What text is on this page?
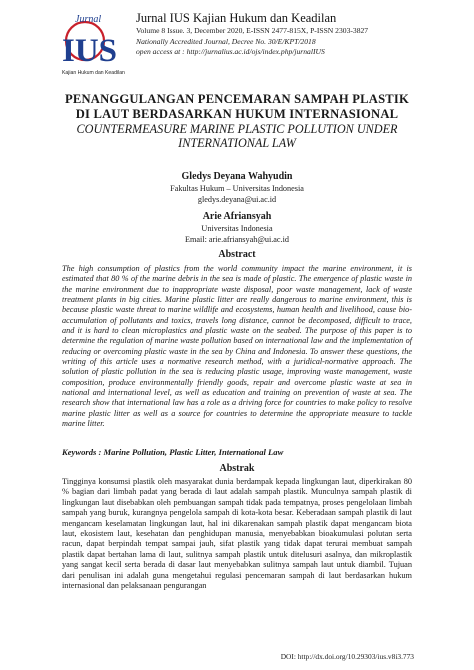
Jurnal
IUS
Kajian Hukum dan Keadilan
Jurnal IUS Kajian Hukum dan Keadilan
Volume 8 Issue. 3, December 2020, E-ISSN 2477-815X, P-ISSN 2303-3827
Nationally Accredited Journal, Decree No. 30/E/KPT/2018
open access at : http://jurnalius.ac.id/ojs/index.php/jurnalIUS
PENANGGULANGAN PENCEMARAN SAMPAH PLASTIK DI LAUT BERDASARKAN HUKUM INTERNASIONAL
COUNTERMEASURE MARINE PLASTIC POLLUTION UNDER INTERNATIONAL LAW
Gledys Deyana Wahyudin
Fakultas Hukum – Universitas Indonesia
gledys.deyana@ui.ac.id
Arie Afriansyah
Universitas Indonesia
Email: arie.afriansyah@ui.ac.id
Abstract

The high consumption of plastics from the world community impact the marine environment, it is estimated that 80 % of the marine debris in the sea is made of plastic. The emergence of plastic waste in the marine environment due to inappropriate waste disposal, poor waste management, lack of waste treatment plants in big cities. Marine plastic litter are really dangerous to marine environment, this is because plastic waste threat to marine wildlife and ecosystems, human health and livelihood, cause bio-accumulation of pollutants and toxics, travels long distance, cannot be decomposed, difficult to trace, and it is hard to clean microplastics and plastic waste on the seabed. The purpose of this paper is to determine the regulation of marine waste pollution based on international law and the implementation of reducing or overcoming plastic waste in the sea by China and Indonesia. To answer these questions, the writing of this article uses a normative research method, with a juridical-normative approach. The solution of plastic pollution in the sea is reducing plastic usage, improving waste management, waste composition, produce environmentally friendly goods, repair and overcome plastic waste at sea in national and international level, as well as education and training on prevention of waste at sea. The research show that international law has a role as a driving force for countries to make policy to resolve marine plastic litter as well as a source for countries to determine the appropriate measure to tackle marine litter.

Keywords : Marine Pollution, Plastic Litter, International Law
Abstrak

Tingginya konsumsi plastik oleh masyarakat dunia berdampak kepada lingkungan laut, diperkirakan 80 % bagian dari limbah padat yang berada di laut adalah sampah plastik. Munculnya sampah plastik di lingkungan laut disebabkan oleh pembuangan sampah tidak pada tempatnya, proses pengelolaan limbah sampah yang buruk, kurangnya pengelola sampah di kota-kota besar. Keberadaan sampah plastik di laut mengancam keselamatan lingkungan laut, hal ini dikarenakan sampah plastik dapat mengancam biota laut, ekosistem laut, kesehatan dan penghidupan manusia, menyebabkan bioakumulasi polutan serta racun, dapat berpindah tempat sampai jauh, sifat plastik yang tidak dapat terurai membuat sampah plastik dapat bertahan lama di laut, sulitnya sampah plastik untuk ditelusuri asalnya, dan mikroplastik yang sangat kecil serta berada di dasar laut menyebabkan sulitnya sampah laut untuk diambil. Tujuan dari penulisan ini adalah guna mengetahui regulasi pencemaran sampah di laut berdasarkan hukum internasional dan pelaksanaan pengurangan

DOI: http://dx.doi.org/10.29303/ius.v8i3.773
